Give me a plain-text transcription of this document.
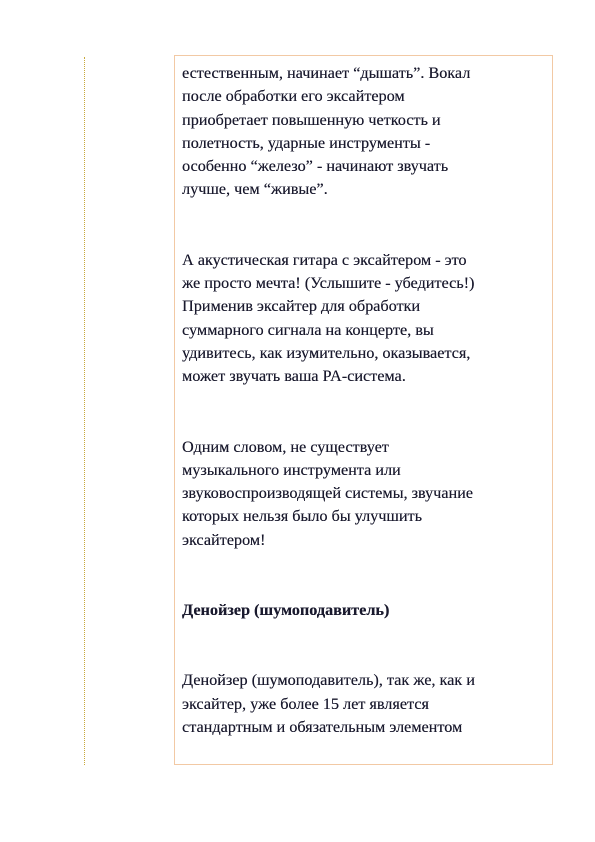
естественным, начинает “дышать”. Вокал
после обработки его эксайтером
приобретает повышенную четкость и
полетность, ударные инструменты -
особенно “железо” - начинают звучать
лучше, чем “живые”.

А акустическая гитара с эксайтером - это
же просто мечта! (Услышите - убедитесь!)
Применив эксайтер для обработки
суммарного сигнала на концерте, вы
удивитесь, как изумительно, оказывается,
может звучать ваша PA-система.

Одним словом, не существует
музыкального инструмента или
звуковоспроизводящей системы, звучание
которых нельзя было бы улучшить
эксайтером!

Денойзер (шумоподавитель)

Денойзер (шумоподавитель), так же, как и
эксайтер, уже более 15 лет является
стандартным и обязательным элементом
